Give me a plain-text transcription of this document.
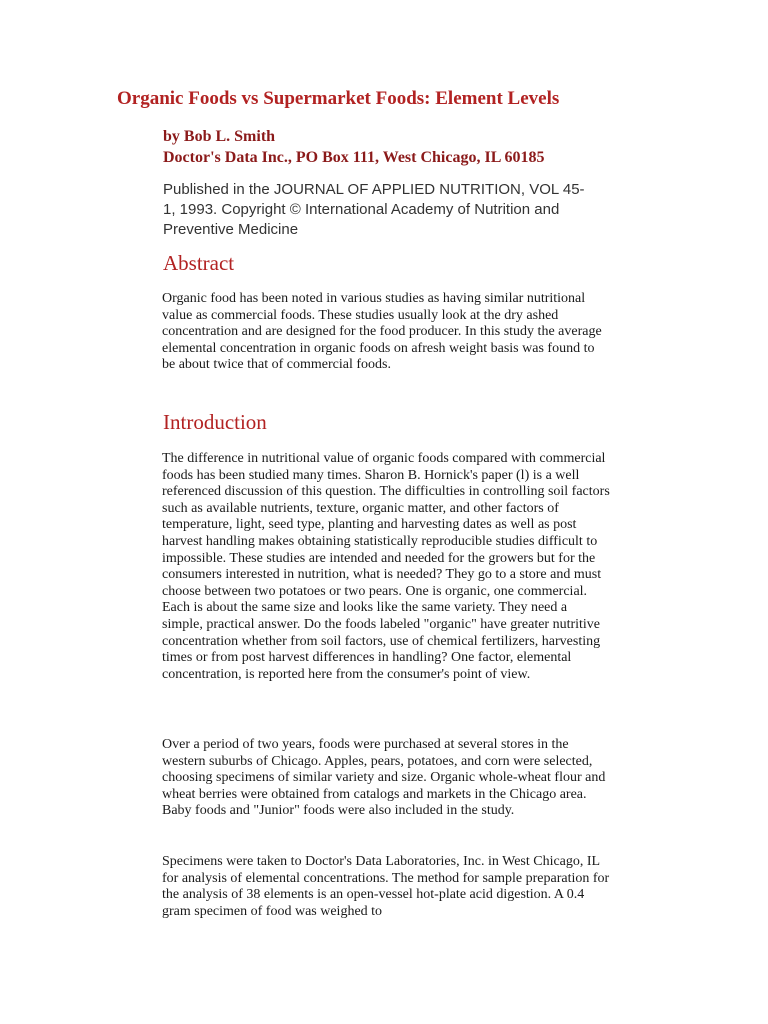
Organic Foods vs Supermarket Foods: Element Levels
by Bob L. Smith
Doctor's Data Inc., PO Box 111, West Chicago, IL 60185
Published in the JOURNAL OF APPLIED NUTRITION, VOL 45-1, 1993. Copyright © International Academy of Nutrition and Preventive Medicine
Abstract

Organic food has been noted in various studies as having similar nutritional value as commercial foods. These studies usually look at the dry ashed concentration and are designed for the food producer. In this study the average elemental concentration in organic foods on afresh weight basis was found to be about twice that of commercial foods.

Introduction

The difference in nutritional value of organic foods compared with commercial foods has been studied many times. Sharon B. Hornick's paper (l) is a well referenced discussion of this question. The difficulties in controlling soil factors such as available nutrients, texture, organic matter, and other factors of temperature, light, seed type, planting and harvesting dates as well as post harvest handling makes obtaining statistically reproducible studies difficult to impossible. These studies are intended and needed for the growers but for the consumers interested in nutrition, what is needed? They go to a store and must choose between two potatoes or two pears. One is organic, one commercial. Each is about the same size and looks like the same variety. They need a simple, practical answer. Do the foods labeled "organic" have greater nutritive concentration whether from soil factors, use of chemical fertilizers, harvesting times or from post harvest differences in handling? One factor, elemental concentration, is reported here from the consumer's point of view.

Over a period of two years, foods were purchased at several stores in the western suburbs of Chicago. Apples, pears, potatoes, and corn were selected, choosing specimens of similar variety and size. Organic whole-wheat flour and wheat berries were obtained from catalogs and markets in the Chicago area. Baby foods and "Junior" foods were also included in the study.

Specimens were taken to Doctor's Data Laboratories, Inc. in West Chicago, IL for analysis of elemental concentrations. The method for sample preparation for the analysis of 38 elements is an open-vessel hot-plate acid digestion. A 0.4 gram specimen of food was weighed to
